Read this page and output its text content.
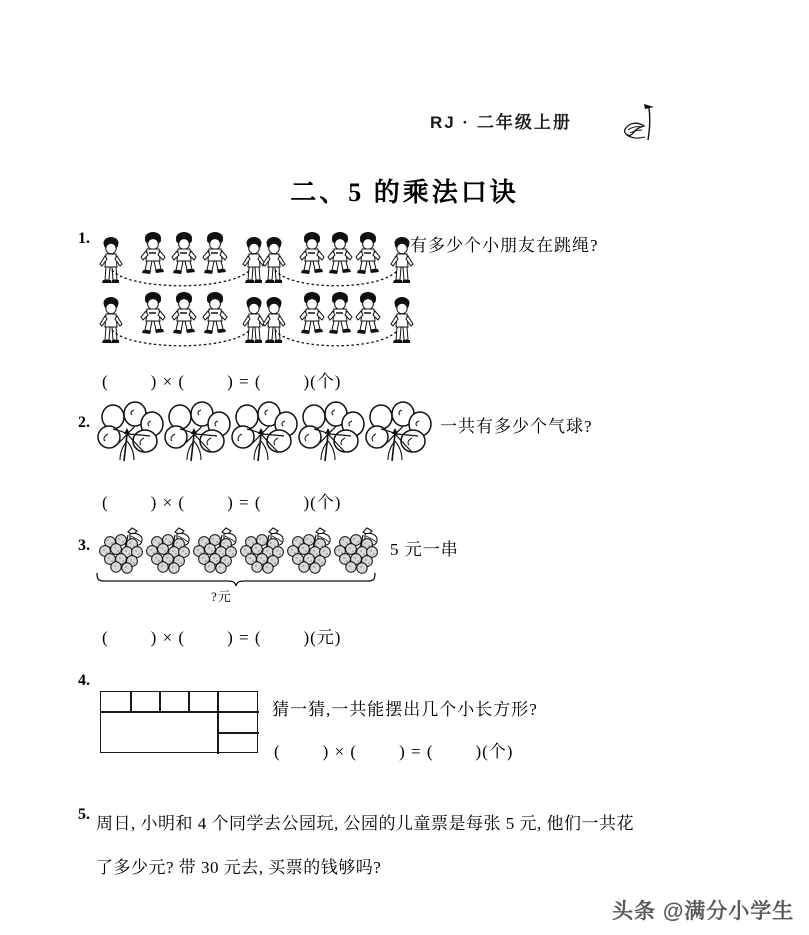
RJ · 二年级上册
二、5 的乘法口诀
1.	有多少个小朋友在跳绳?
(        ) × (        ) = (        )(个)
2.	一共有多少个气球?
(        ) × (        ) = (        )(个)
3.
?元
5 元一串
(        ) × (        ) = (        )(元)
4.
猜一猜,一共能摆出几个小长方形?
(        ) × (        ) = (        )(个)
5. 周日, 小明和 4 个同学去公园玩, 公园的儿童票是每张 5 元, 他们一共花
了多少元? 带 30 元去, 买票的钱够吗?
头条 @满分小学生
